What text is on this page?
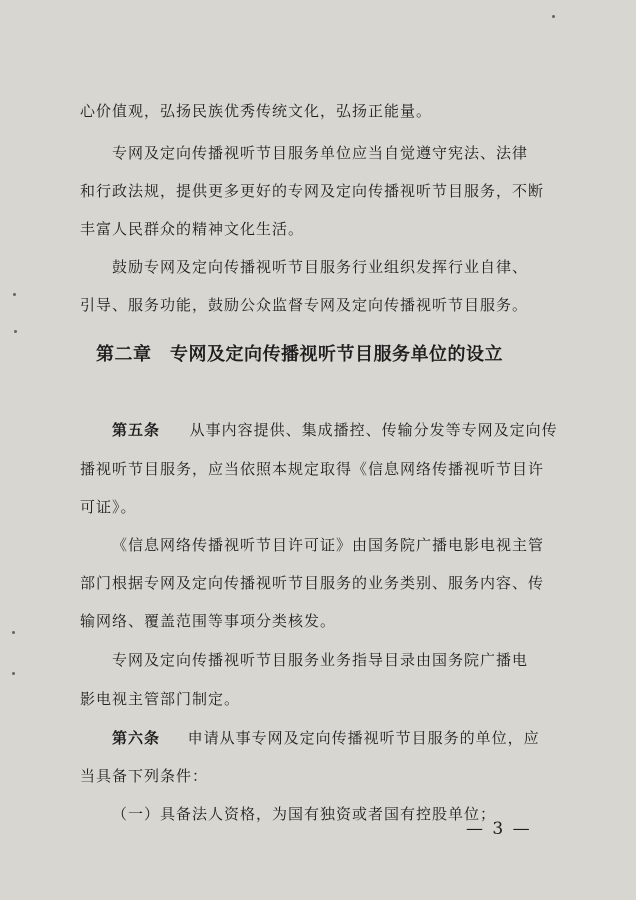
心价值观，弘扬民族优秀传统文化，弘扬正能量。
专网及定向传播视听节目服务单位应当自觉遵守宪法、法律
和行政法规，提供更多更好的专网及定向传播视听节目服务，不断
丰富人民群众的精神文化生活。
鼓励专网及定向传播视听节目服务行业组织发挥行业自律、
引导、服务功能，鼓励公众监督专网及定向传播视听节目服务。
第二章　专网及定向传播视听节目服务单位的设立
第五条 从事内容提供、集成播控、传输分发等专网及定向传
播视听节目服务，应当依照本规定取得《信息网络传播视听节目许
可证》。
《信息网络传播视听节目许可证》由国务院广播电影电视主管
部门根据专网及定向传播视听节目服务的业务类别、服务内容、传
输网络、覆盖范围等事项分类核发。
专网及定向传播视听节目服务业务指导目录由国务院广播电
影电视主管部门制定。
第六条 申请从事专网及定向传播视听节目服务的单位，应
当具备下列条件：
（一）具备法人资格，为国有独资或者国有控股单位；
— 3 —
